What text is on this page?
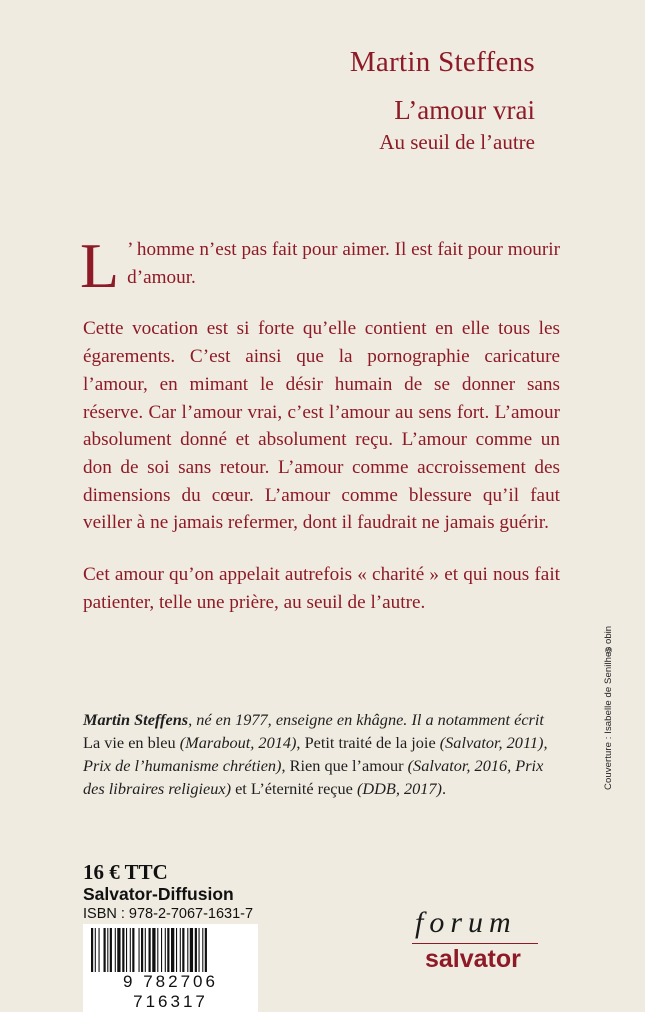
Martin Steffens
L’amour vrai
Au seuil de l’autre

L ’ homme n’est pas fait pour aimer. Il est fait pour mourir d’amour.

Cette vocation est si forte qu’elle contient en elle tous les égarements. C’est ainsi que la pornographie caricature l’amour, en mimant le désir humain de se donner sans réserve. Car l’amour vrai, c’est l’amour au sens fort. L’amour absolument donné et absolument reçu. L’amour comme un don de soi sans retour. L’amour comme accroissement des dimensions du cœur. L’amour comme blessure qu’il faut veiller à ne jamais refermer, dont il faudrait ne jamais guérir.

Cet amour qu’on appelait autrefois « charité » et qui nous fait patienter, telle une prière, au seuil de l’autre.

Couverture : Isabelle de Senilhes
©obin
Martin Steffens, né en 1977, enseigne en khâgne. Il a notamment écrit La vie en bleu (Marabout, 2014), Petit traité de la joie (Salvator, 2011), Prix de l’humanisme chrétien), Rien que l’amour (Salvator, 2016, Prix des libraires religieux) et L’éternité reçue (DDB, 2017).
16 € TTC
Salvator-Diffusion
ISBN : 978-2-7067-1631-7
9 782706 716317
forum
salvator
